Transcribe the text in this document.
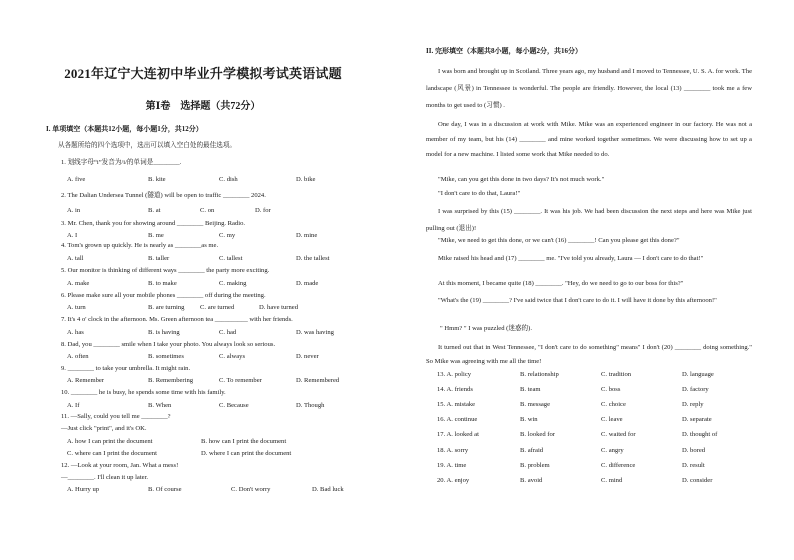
2021年辽宁大连初中毕业升学模拟考试英语试题
第Ⅰ卷　选择题（共72分）
I. 单项填空（本题共12小题，每小题1分，共12分）
从各题所给的四个选项中，选出可以填入空白处的最佳选项。
1. 划线字母“i”发音为/i/的单词是________.
A. five	B. kite	C. dish	D. bike
2. The Dalian Undersea Tunnel (隧道) will be open to traffic ________ 2024.
A. in	B. at	C. on	D. for
3. Mr. Chen, thank you for showing around ________ Beijing. Radio.
A. I	B. me	C. my	D. mine
4. Tom's grown up quickly. He is nearly as ________as me.
A. tall	B. taller	C. tallest	D. the tallest
5. Our monitor is thinking of different ways ________ the party more exciting.
A. make	B. to make	C. making	D. made
6. Please make sure all your mobile phones ________ off during the meeting.
A. turn	B. are turning C. are turned	D. have turned
7. It's 4 o' clock in the afternoon. Ms. Green afternoon tea __________ with her friends.
A. has	B. is having	C. had	D. was having
8. Dad, you ________ smile when I take your photo. You always look so serious.
A. often	B. sometimes	C. always	D. never
9. ________ to take your umbrella. It might rain.
A. Remember	B. Remembering	C. To remember	D. Remembered
10. ________ he is busy, he spends some time with his family.
A. If	B. When	C. Because	D. Though
11. —Sally, could you tell me ________?
—Just click "print", and it's OK.
A. how I can print the document	B. how can I print the document
C. where can I print the document	D. where I can print the document
12. —Look at your room, Jan. What a mess!
—________. I'll clean it up later.
A. Hurry up	B. Of course	C. Don't worry	D. Bad luck
II. 完形填空（本题共8小题，每小题2分，共16分）
I was born and brought up in Scotland. Three years ago, my husband and I moved to Tennessee, U. S. A. for work. The landscape (风景) in Tennessee is wonderful. The people are friendly. However, the local (13) ________ took me a few months to get used to (习惯) .
One day, I was in a discussion at work with Mike. Mike was an experienced engineer in our factory. He was not a member of my team, but his (14) ________ and mine worked together sometimes. We were discussing how to set up a model for a new machine. I listed some work that Mike needed to do.
"Mike, can you get this done in two days? It's not much work."
"I don't care to do that, Laura!"
I was surprised by this (15) ________. It was his job. We had been discussion the next steps and here was Mike just pulling out (退出)!
"Mike, we need to get this done, or we can't (16) ________! Can you please get this done?"
Mike raised his head and (17) ________ me. "I've told you already, Laura — I don't care to do that!"
At this moment, I became quite (18) ________. "Hey, do we need to go to our boss for this?"
"What's the (19) ________? I've said twice that I don't care to do it. I will have it done by this afternoon!"
" Hmm? " I was puzzled (迷惑的).
It turned out that in West Tennessee, "I don't care to do something" means" I don't (20) ________ doing something." So Mike was agreeing with me all the time!
13. A. policy	B. relationship	C. tradition	D. language
14. A. friends	B. team	C. boss	D. factory
15. A. mistake	B. message	C. choice	D. reply
16. A. continue	B. win	C. leave	D. separate
17. A. looked at	B. looked for	C. waited for	D. thought of
18. A. sorry	B. afraid	C. angry	D. bored
19. A. time	B. problem	C. difference	D. result
20. A. enjoy	B. avoid	C. mind	D. consider
